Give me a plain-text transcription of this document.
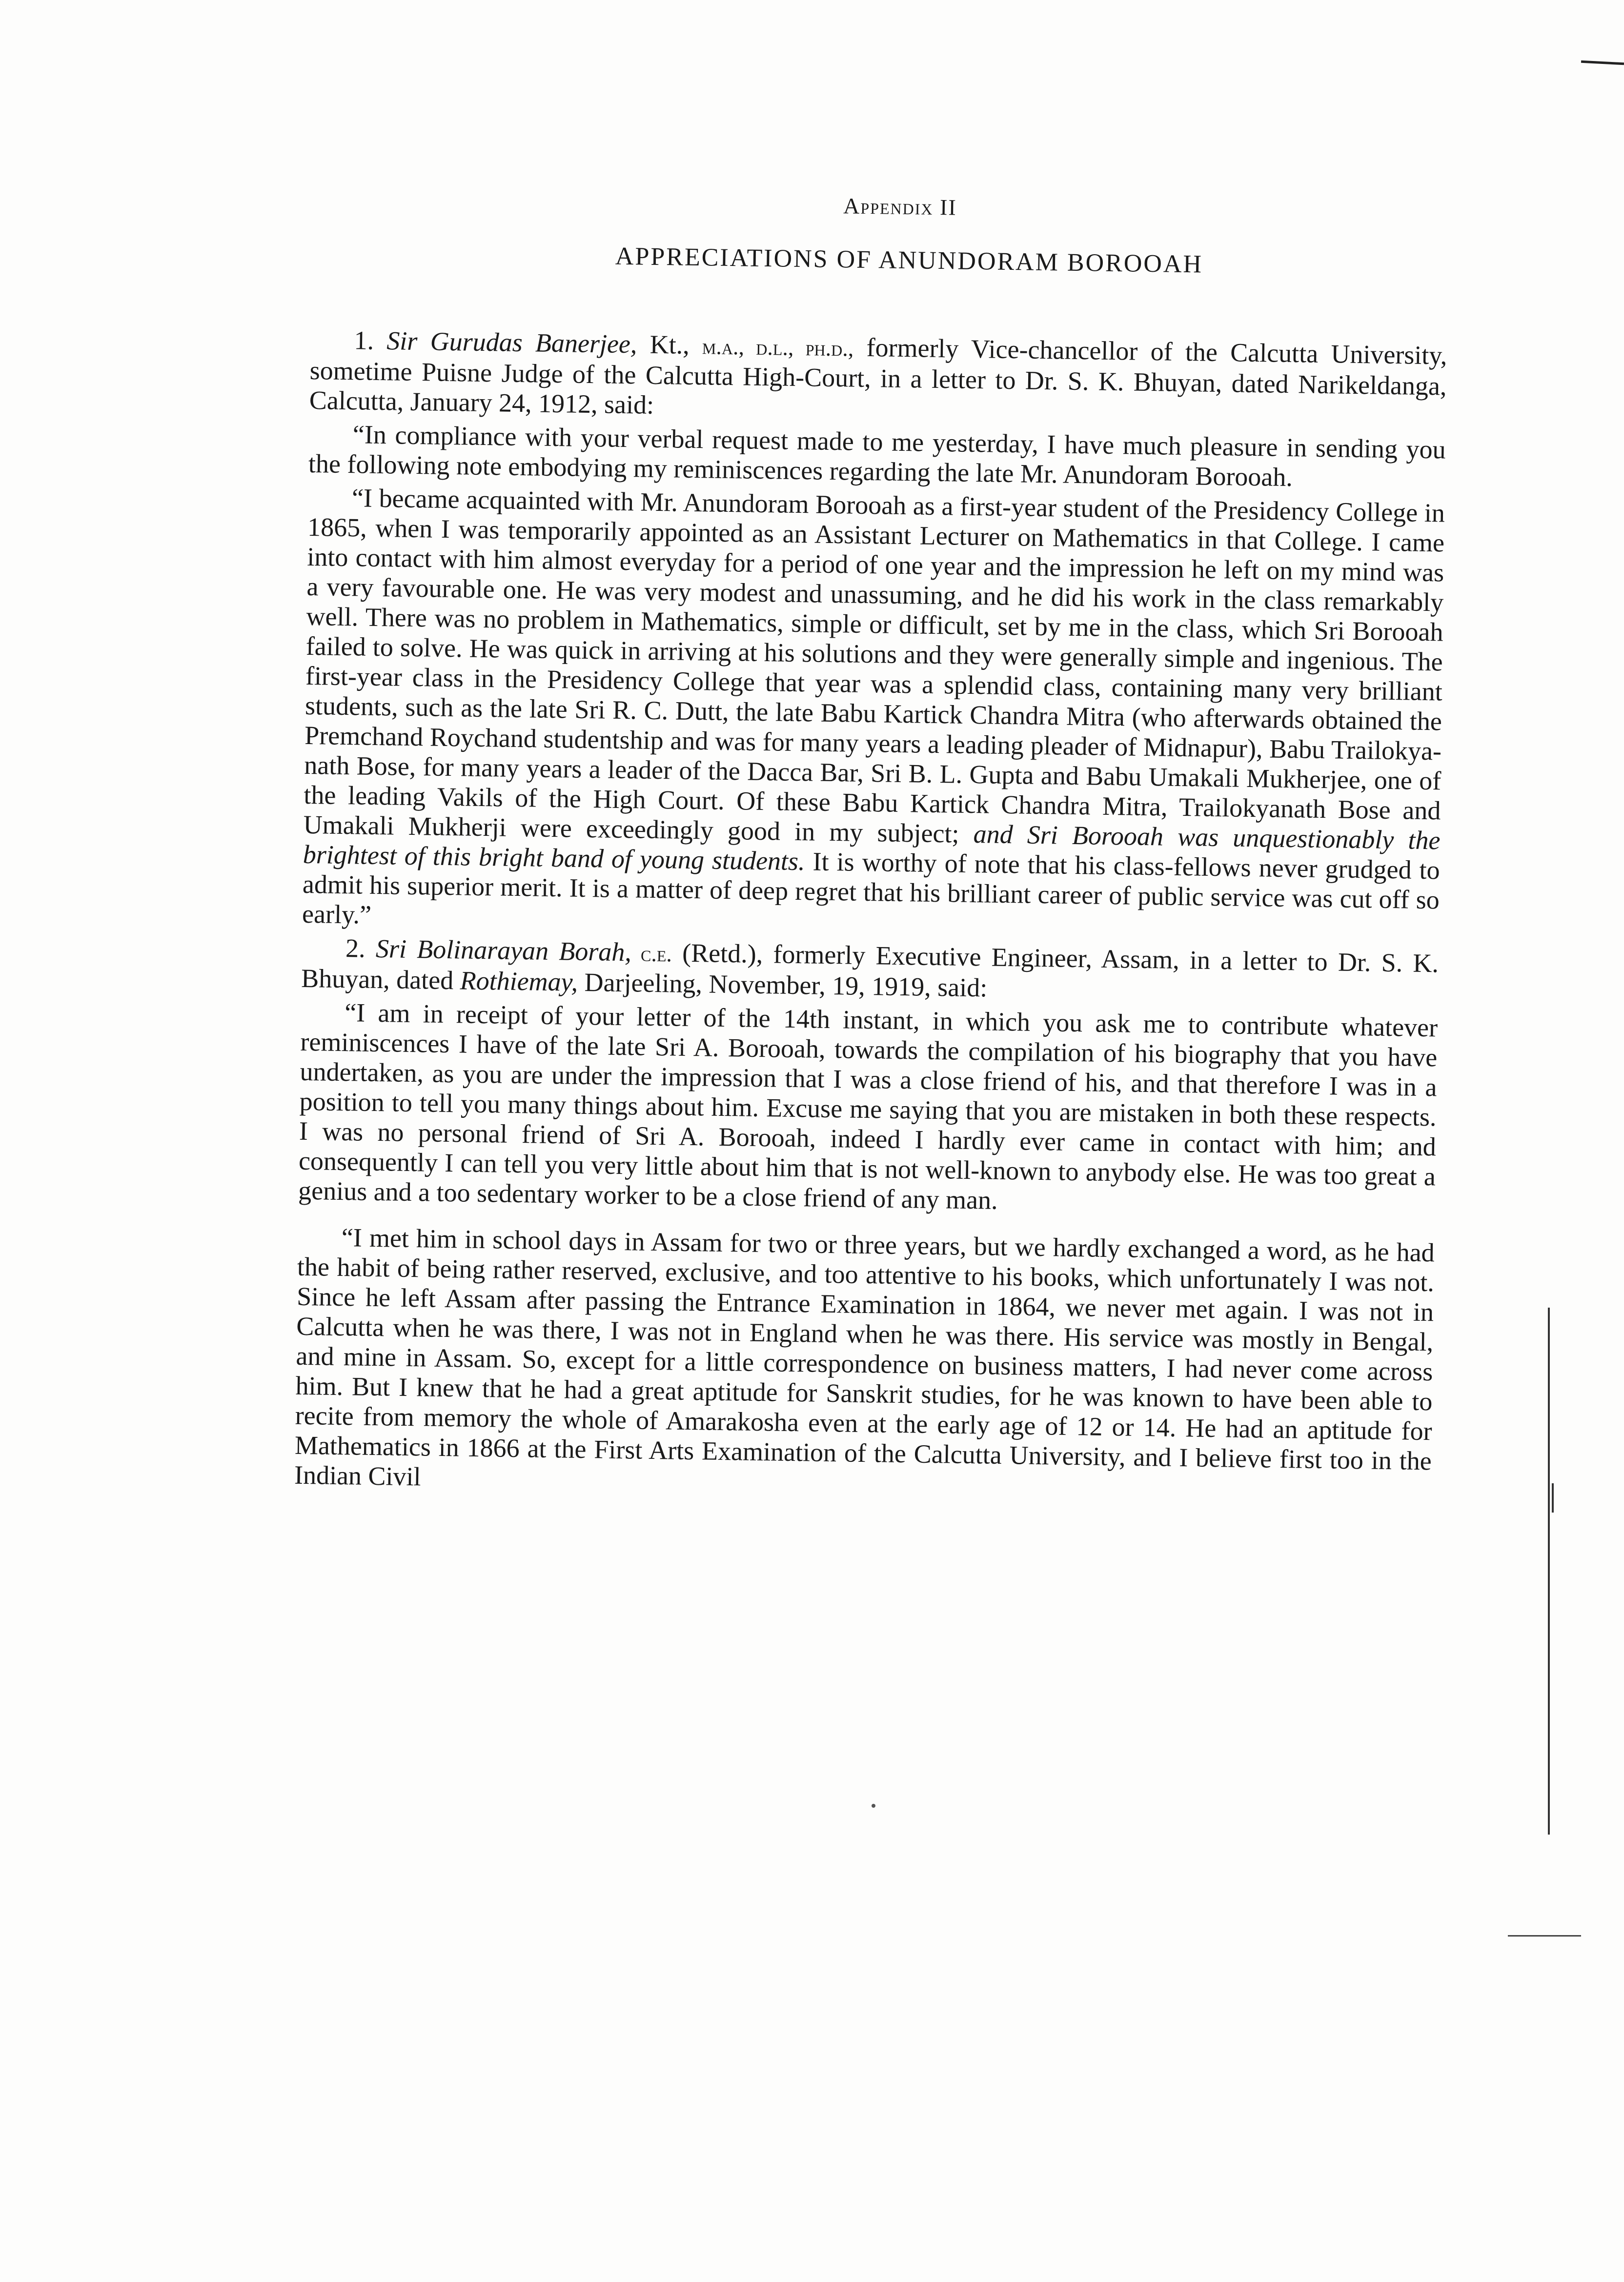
Appendix II

APPRECIATIONS OF ANUNDORAM BOROOAH

1. Sir Gurudas Banerjee, Kt., m.a., d.l., ph.d., formerly Vice-chancellor of the Calcutta University, sometime Puisne Judge of the Calcutta High-Court, in a letter to Dr. S. K. Bhuyan, dated Narikeldanga, Calcutta, January 24, 1912, said:

“In compliance with your verbal request made to me yesterday, I have much pleasure in sending you the following note embodying my reminiscences regarding the late Mr. Anundoram Borooah.

“I became acquainted with Mr. Anundoram Borooah as a first-year student of the Presidency College in 1865, when I was temporarily appointed as an Assistant Lecturer on Mathematics in that College. I came into contact with him almost everyday for a period of one year and the impression he left on my mind was a very favourable one. He was very modest and unassuming, and he did his work in the class remarkably well. There was no problem in Mathematics, simple or difficult, set by me in the class, which Sri Borooah failed to solve. He was quick in arriving at his solutions and they were generally simple and ingenious. The first-year class in the Presidency College that year was a splendid class, containing many very brilliant students, such as the late Sri R. C. Dutt, the late Babu Kartick Chandra Mitra (who afterwards obtained the Premchand Roychand studentship and was for many years a leading pleader of Midnapur), Babu Trailokyanath Bose, for many years a leader of the Dacca Bar, Sri B. L. Gupta and Babu Umakali Mukherjee, one of the leading Vakils of the High Court. Of these Babu Kartick Chandra Mitra, Trailokyanath Bose and Umakali Mukherji were exceedingly good in my subject; and Sri Borooah was unquestionably the brightest of this bright band of young students. It is worthy of note that his class-fellows never grudged to admit his superior merit. It is a matter of deep regret that his brilliant career of public service was cut off so early.”

2. Sri Bolinarayan Borah, c.e. (Retd.), formerly Executive Engineer, Assam, in a letter to Dr. S. K. Bhuyan, dated Rothiemay, Darjeeling, November, 19, 1919, said:

“I am in receipt of your letter of the 14th instant, in which you ask me to contribute whatever reminiscences I have of the late Sri A. Borooah, towards the compilation of his biography that you have undertaken, as you are under the impression that I was a close friend of his, and that therefore I was in a position to tell you many things about him. Excuse me saying that you are mistaken in both these respects. I was no personal friend of Sri A. Borooah, indeed I hardly ever came in contact with him; and consequently I can tell you very little about him that is not well-known to anybody else. He was too great a genius and a too sedentary worker to be a close friend of any man.

“I met him in school days in Assam for two or three years, but we hardly exchanged a word, as he had the habit of being rather reserved, exclusive, and too attentive to his books, which unfortunately I was not. Since he left Assam after passing the Entrance Examination in 1864, we never met again. I was not in Calcutta when he was there, I was not in England when he was there. His service was mostly in Bengal, and mine in Assam. So, except for a little correspondence on business matters, I had never come across him. But I knew that he had a great aptitude for Sanskrit studies, for he was known to have been able to recite from memory the whole of Amarakosha even at the early age of 12 or 14. He had an aptitude for Mathematics in 1866 at the First Arts Examination of the Calcutta University, and I believe first too in the Indian Civil
